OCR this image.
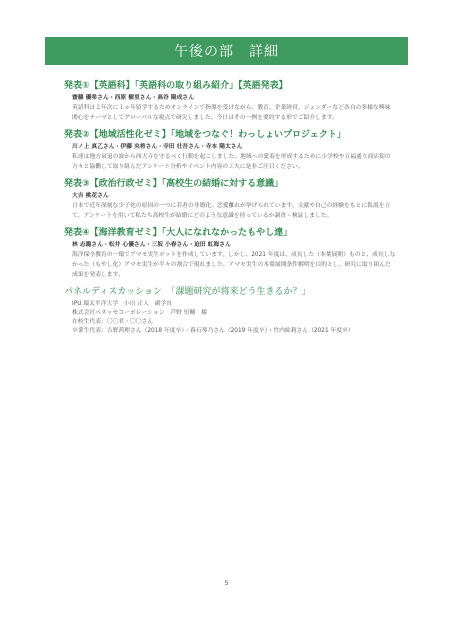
午後の部　詳細
発表①【英語科】「英語科の取り組み紹介」【英語発表】
齋藤 優希さん・西原 樹里さん・高谷 陽成さん
英語科は２年次に１ヵ年留学するためオンラインで指導を受けながら、教育、企業経営、ジェンダーなど各自の多様な興味関心をテーマとしてグローバルな視点で研究しました。今日はその一例を要約する形でご紹介します。
発表②【地域活性化ゼミ】「地域をつなぐ！わっしょいプロジェクト」
川ノ上 真乙さん・伊藤 央将さん・寺田 壮吾さん・寺本 陽太さん
私達は地方衰退の波から西大寺を守るべく行動を起こしました。地域への愛着を形成するために小学校や五福通り商店街の方々と協働して取り組んだアンケート分析やイベント内容の工夫に是非ご注目ください。
発表③【政治行政ゼミ】「高校生の結婚に対する意識」
大吉 桃花さん
日本で近年深刻な少子化の原因の一つに若者の非婚化、恋愛離れが挙げられています。文献や自己の経験をもとに仮説を立て、アンケートを用いて私たち高校生が結婚にどのような意識を持っているか調査・検証しました。
発表④【海洋教育ゼミ】「大人になれなかったもやし達」
林 志龍さん・松井 心優さん・三坂 小春さん・迫田 虹海さん
海洋保全教育の一環でアマモ実生ポットを作成しています。しかし、2021 年度は、成長した（本葉展開）ものと、成長しなかった（もやし化）アマモ実生が半々の割合で現れました。アマモ実生の本葉展開条件解明を目的とし、研究に取り組んだ成果を発表します。
パネルディスカッション　「課題研究が将来どう生きるか？」
IPU 環太平洋大学　小川 正人　副学長
株式会社ベネッセコーポレーション　芦野 恒輔　様
在校生代表：〇〇君・〇〇さん
卒業生代表：吉野茜理さん（2018 年度卒）・暮石琴乃さん（2019 年度卒）・竹内紘莉さん（2021 年度卒）
5
